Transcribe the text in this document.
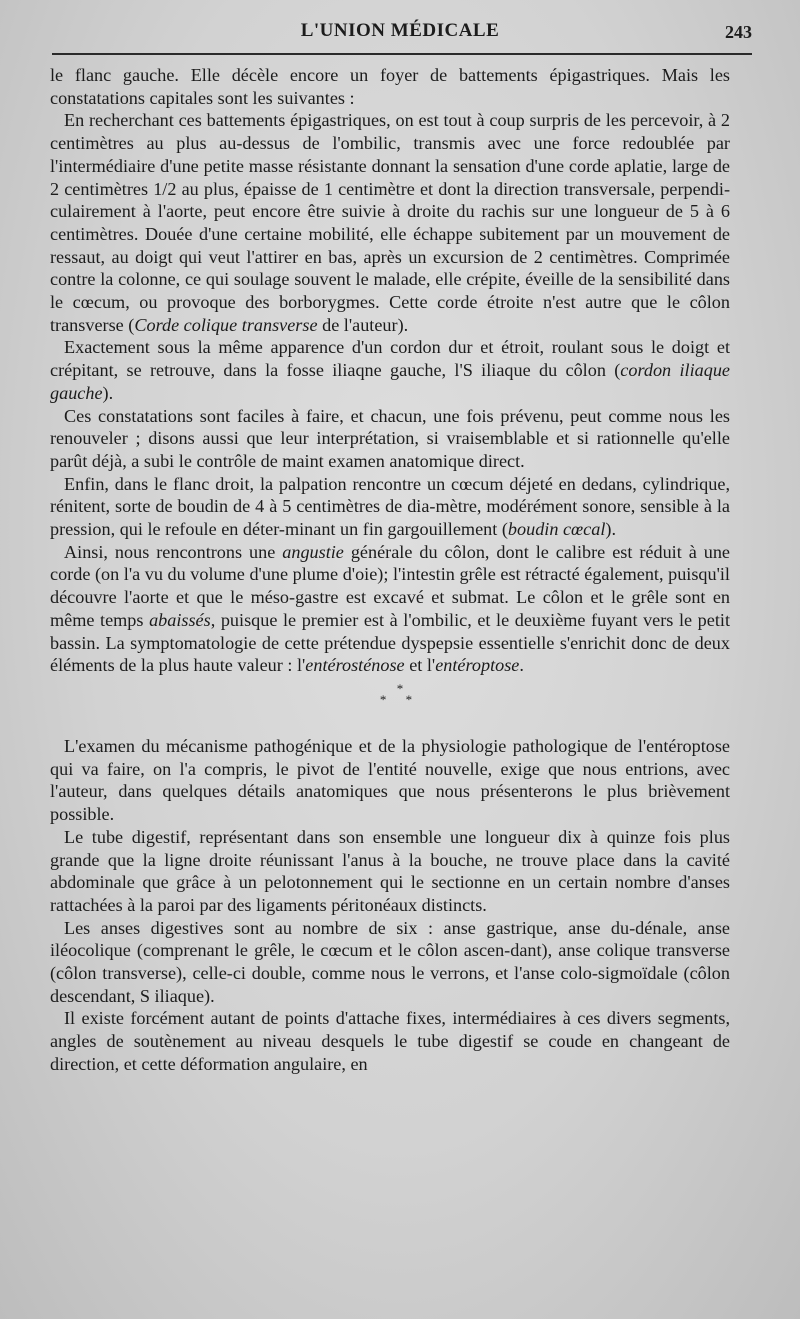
L'UNION MÉDICALE	243

le flanc gauche. Elle décèle encore un foyer de battements épigastriques. Mais les constatations capitales sont les suivantes :

En recherchant ces battements épigastriques, on est tout à coup surpris de les percevoir, à 2 centimètres au plus au-dessus de l'ombilic, transmis avec une force redoublée par l'intermédiaire d'une petite masse résistante donnant la sensation d'une corde aplatie, large de 2 centimètres 1/2 au plus, épaisse de 1 centimètre et dont la direction transversale, perpendi-culairement à l'aorte, peut encore être suivie à droite du rachis sur une longueur de 5 à 6 centimètres. Douée d'une certaine mobilité, elle échappe subitement par un mouvement de ressaut, au doigt qui veut l'attirer en bas, après un excursion de 2 centimètres. Comprimée contre la colonne, ce qui soulage souvent le malade, elle crépite, éveille de la sensibilité dans le cœcum, ou provoque des borborygmes. Cette corde étroite n'est autre que le côlon transverse (Corde colique transverse de l'auteur).

Exactement sous la même apparence d'un cordon dur et étroit, roulant sous le doigt et crépitant, se retrouve, dans la fosse iliaqne gauche, l'S iliaque du côlon (cordon iliaque gauche).

Ces constatations sont faciles à faire, et chacun, une fois prévenu, peut comme nous les renouveler ; disons aussi que leur interprétation, si vraisemblable et si rationnelle qu'elle parût déjà, a subi le contrôle de maint examen anatomique direct.

Enfin, dans le flanc droit, la palpation rencontre un cœcum déjeté en dedans, cylindrique, rénitent, sorte de boudin de 4 à 5 centimètres de dia-mètre, modérément sonore, sensible à la pression, qui le refoule en déter-minant un fin gargouillement (boudin cœcal).

Ainsi, nous rencontrons une angustie générale du côlon, dont le calibre est réduit à une corde (on l'a vu du volume d'une plume d'oie); l'intestin grêle est rétracté également, puisqu'il découvre l'aorte et que le méso-gastre est excavé et submat. Le côlon et le grêle sont en même temps abaissés, puisque le premier est à l'ombilic, et le deuxième fuyant vers le petit bassin. La symptomatologie de cette prétendue dyspepsie essentielle s'enrichit donc de deux éléments de la plus haute valeur : l'entérosténose et l'entéroptose.

*
* *

L'examen du mécanisme pathogénique et de la physiologie pathologique de l'entéroptose qui va faire, on l'a compris, le pivot de l'entité nouvelle, exige que nous entrions, avec l'auteur, dans quelques détails anatomiques que nous présenterons le plus brièvement possible.

Le tube digestif, représentant dans son ensemble une longueur dix à quinze fois plus grande que la ligne droite réunissant l'anus à la bouche, ne trouve place dans la cavité abdominale que grâce à un pelotonnement qui le sectionne en un certain nombre d'anses rattachées à la paroi par des ligaments péritonéaux distincts.

Les anses digestives sont au nombre de six : anse gastrique, anse du-dénale, anse iléocolique (comprenant le grêle, le cœcum et le côlon ascen-dant), anse colique transverse (côlon transverse), celle-ci double, comme nous le verrons, et l'anse colo-sigmoïdale (côlon descendant, S iliaque).

Il existe forcément autant de points d'attache fixes, intermédiaires à ces divers segments, angles de soutènement au niveau desquels le tube digestif se coude en changeant de direction, et cette déformation angulaire, en
